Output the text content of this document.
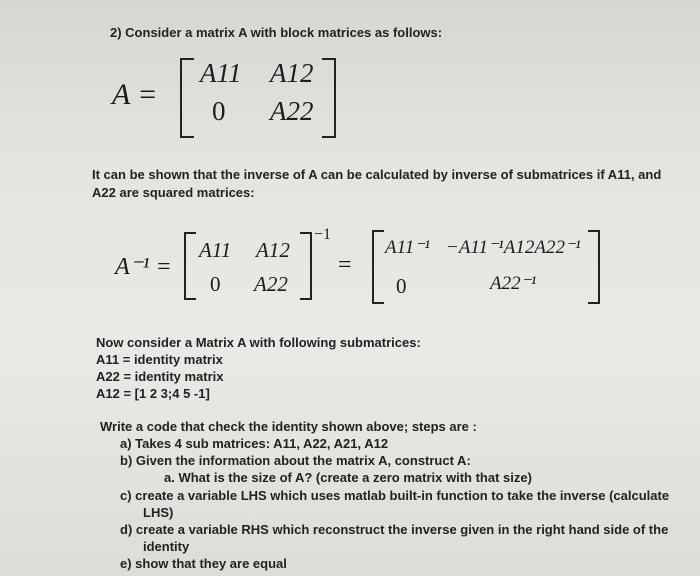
2) Consider a matrix A with block matrices as follows:
A =
A11 A12
0 A22
It can be shown that the inverse of A can be calculated by inverse of submatrices if A11, and
A22 are squared matrices:
A⁻¹ =
A11 A12
0 A22
−1
=
A11⁻¹ −A11⁻¹A12A22⁻¹
0	A22⁻¹
Now consider a Matrix A with following submatrices:
A11 = identity matrix
A22 = identity matrix
A12 = [1 2 3;4 5 -1]
Write a code that check the identity shown above; steps are :
a) Takes 4 sub matrices: A11, A22, A21, A12
b) Given the information about the matrix A, construct A:
a. What is the size of A? (create a zero matrix with that size)
c) create a variable LHS which uses matlab built-in function to take the inverse (calculate
LHS)
d) create a variable RHS which reconstruct the inverse given in the right hand side of the
identity
e) show that they are equal
